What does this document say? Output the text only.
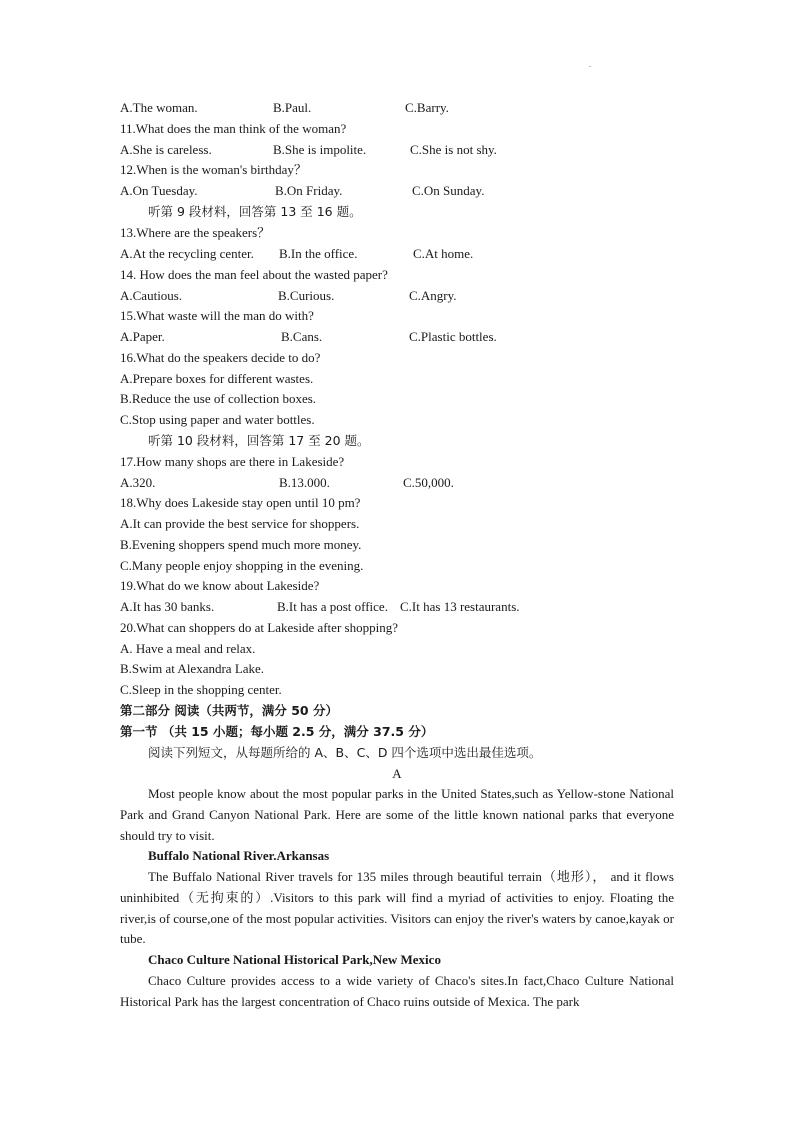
A.The woman.	B.Paul.	C.Barry.
11.What does the man think of the woman?
A.She is careless.	B.She is impolite.	C.She is not shy.
12.When is the woman's birthday？
A.On Tuesday.	B.On Friday.	C.On Sunday.
听第 9 段材料，回答第 13 至 16 题。
13.Where are the speakers？
A.At the recycling center. B.In the office.	C.At home.
14. How does the man feel about the wasted paper?
A.Cautious.	B.Curious.	C.Angry.
15.What waste will the man do with?
A.Paper.	B.Cans.	C.Plastic bottles.
16.What do the speakers decide to do?
A.Prepare boxes for different wastes.
B.Reduce the use of collection boxes.
C.Stop using paper and water bottles.
听第 10 段材料，回答第 17 至 20 题。
17.How many shops are there in Lakeside?
A.320.	B.13.000.	C.50,000.
18.Why does Lakeside stay open until 10 pm?
A.It can provide the best service for shoppers.
B.Evening shoppers spend much more money.
C.Many people enjoy shopping in the evening.
19.What do we know about Lakeside?
A.It has 30 banks.	B.It has a post office. C.It has 13 restaurants.
20.What can shoppers do at Lakeside after shopping?
A. Have a meal and relax.
B.Swim at Alexandra Lake.
C.Sleep in the shopping center.
第二部分 阅读（共两节，满分 50 分）
第一节 （共 15 小题；每小题 2.5 分，满分 37.5 分）
阅读下列短文，从每题所给的 A、B、C、D 四个选项中选出最佳选项。
A
Most people know about the most popular parks in the United States,such as Yellow-stone National Park and Grand Canyon National Park. Here are some of the little known national parks that everyone should try to visit.
Buffalo National River.Arkansas
The Buffalo National River travels for 135 miles through beautiful terrain（地形）， and it flows uninhibited（无拘束的）.Visitors to this park will find a myriad of activities to enjoy. Floating the river,is of course,one of the most popular activities. Visitors can enjoy the river's waters by canoe,kayak or tube.
Chaco Culture National Historical Park,New Mexico
Chaco Culture provides access to a wide variety of Chaco's sites.In fact,Chaco Culture National Historical Park has the largest concentration of Chaco ruins outside of Mexica. The park
